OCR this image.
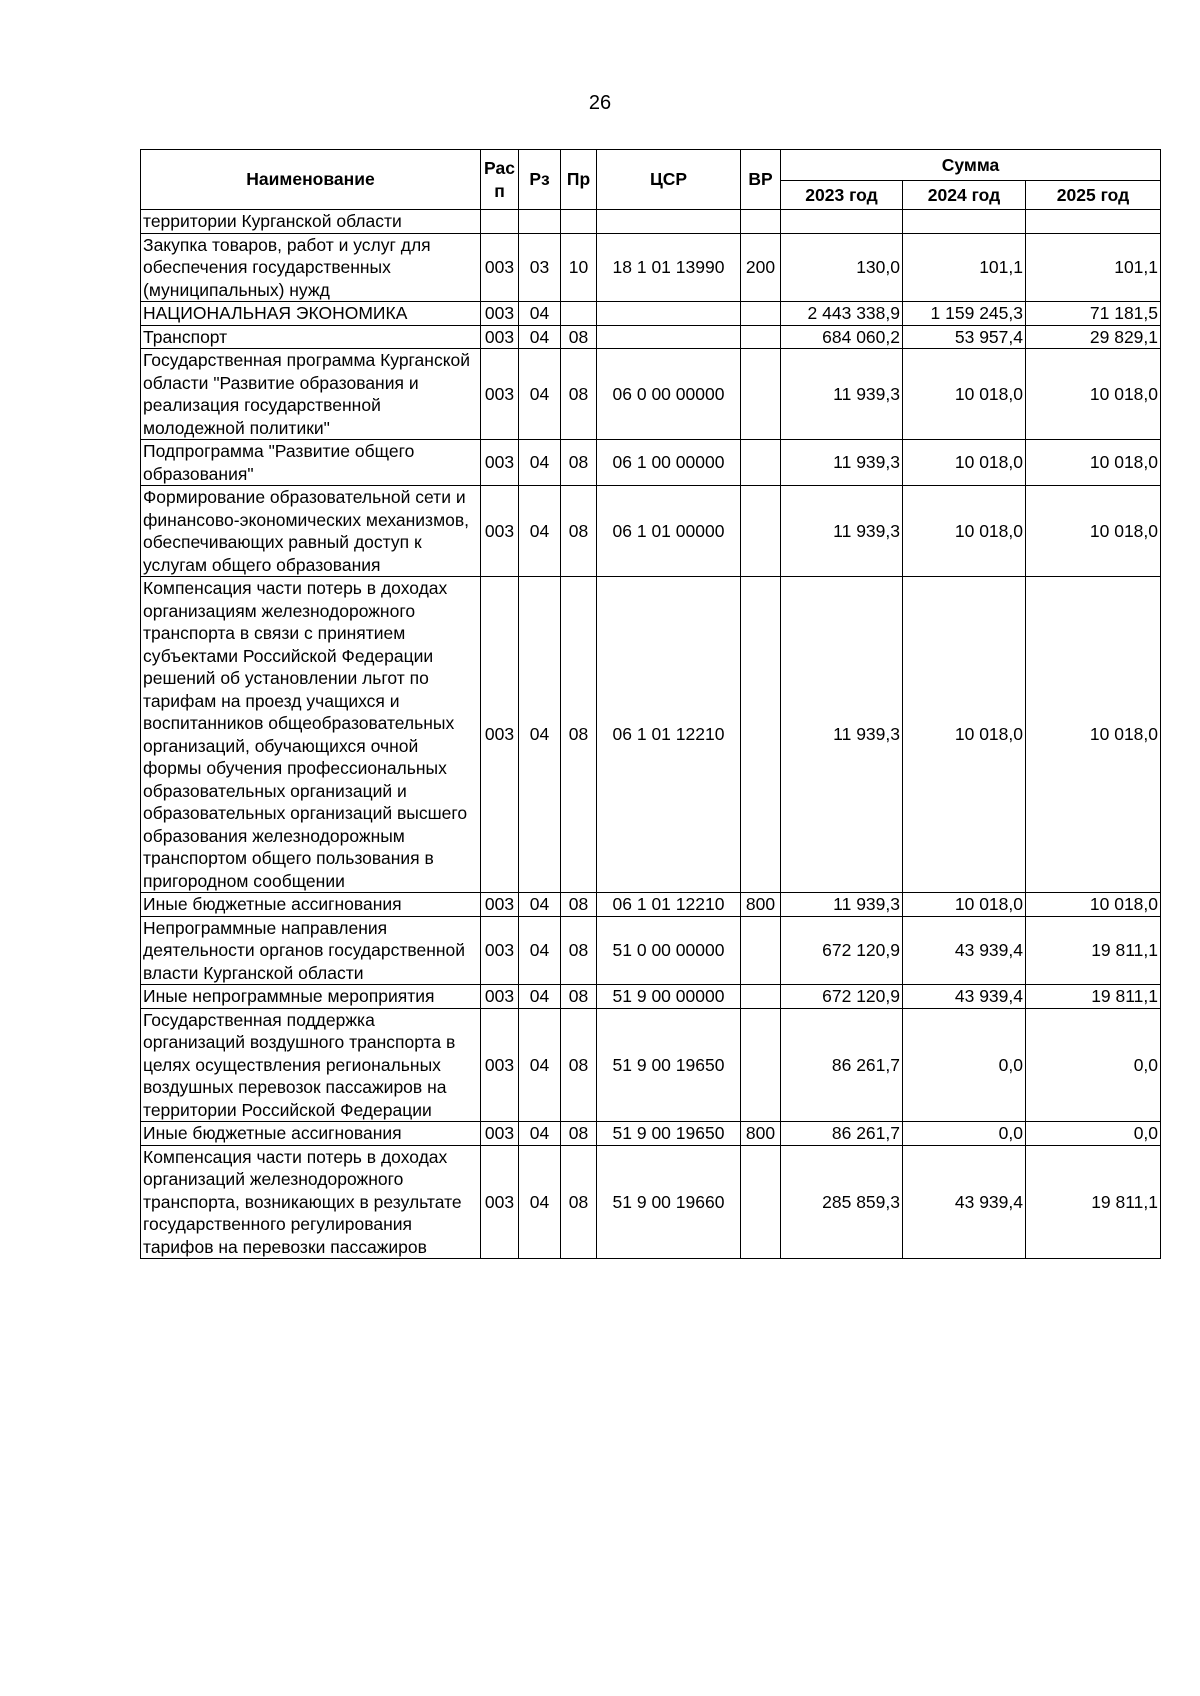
26
Наименование	Рас п	Рз	Пр	ЦСР	ВР	Сумма		
						2023 год	2024 год	2025 год
территории Курганской области								
Закупка товаров, работ и услуг для обеспечения государственных (муниципальных) нужд	003	03	10	18 1 01 13990	200	130,0	101,1	101,1
НАЦИОНАЛЬНАЯ ЭКОНОМИКА	003	04				2 443 338,9	1 159 245,3	71 181,5
Транспорт	003	04	08			684 060,2	53 957,4	29 829,1
Государственная программа Курганской области "Развитие образования и реализация государственной молодежной политики"	003	04	08	06 0 00 00000		11 939,3	10 018,0	10 018,0
Подпрограмма "Развитие общего образования"	003	04	08	06 1 00 00000		11 939,3	10 018,0	10 018,0
Формирование образовательной сети и финансово-экономических механизмов, обеспечивающих равный доступ к услугам общего образования	003	04	08	06 1 01 00000		11 939,3	10 018,0	10 018,0
Компенсация части потерь в доходах организациям железнодорожного транспорта в связи с принятием субъектами Российской Федерации решений об установлении льгот по тарифам на проезд учащихся и воспитанников общеобразовательных организаций, обучающихся очной формы обучения профессиональных образовательных организаций и образовательных организаций высшего образования железнодорожным транспортом общего пользования в пригородном сообщении	003	04	08	06 1 01 12210		11 939,3	10 018,0	10 018,0
Иные бюджетные ассигнования	003	04	08	06 1 01 12210	800	11 939,3	10 018,0	10 018,0
Непрограммные направления деятельности органов государственной власти Курганской области	003	04	08	51 0 00 00000		672 120,9	43 939,4	19 811,1
Иные непрограммные мероприятия	003	04	08	51 9 00 00000		672 120,9	43 939,4	19 811,1
Государственная поддержка организаций воздушного транспорта в целях осуществления региональных воздушных перевозок пассажиров на территории Российской Федерации	003	04	08	51 9 00 19650		86 261,7	0,0	0,0
Иные бюджетные ассигнования	003	04	08	51 9 00 19650	800	86 261,7	0,0	0,0
Компенсация части потерь в доходах организаций железнодорожного транспорта, возникающих в результате государственного регулирования тарифов на перевозки пассажиров	003	04	08	51 9 00 19660		285 859,3	43 939,4	19 811,1
